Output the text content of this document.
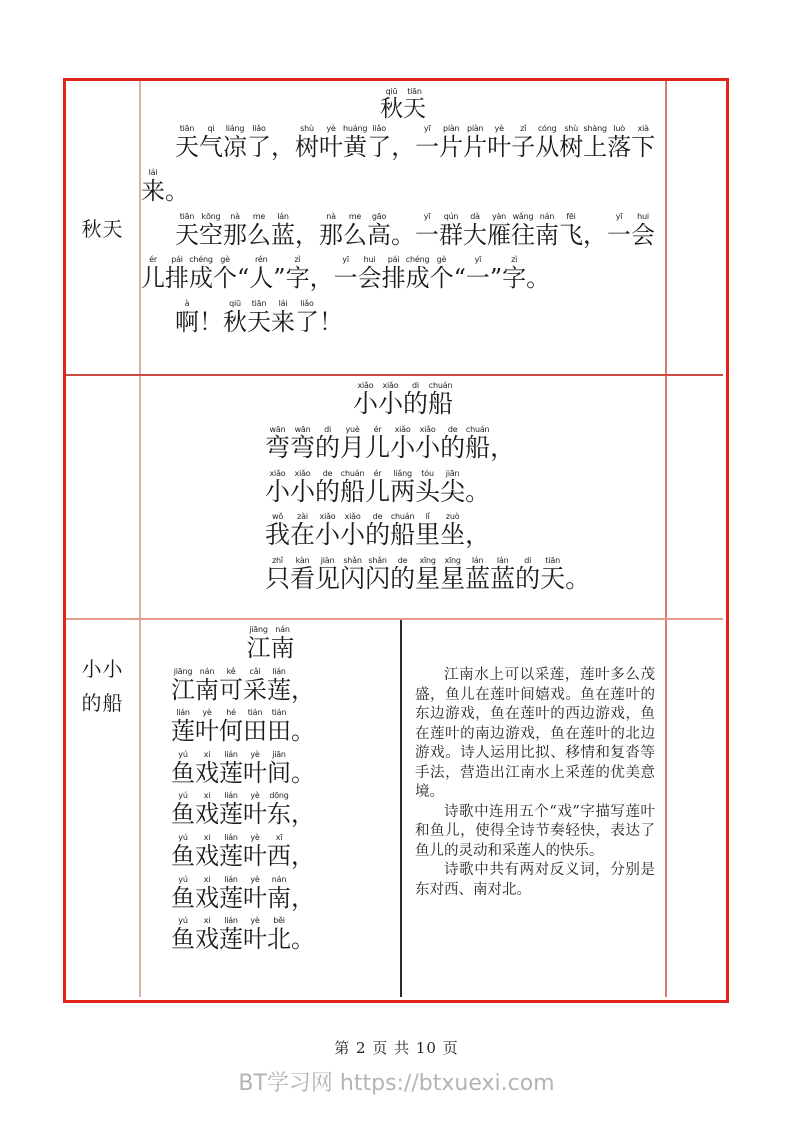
秋天
秋qiū天tiān
天tiān气qi凉liáng了liǎo，树shù叶yè黄huáng了liǎo，一yī片piàn片piàn叶yè子zǐ从cóng树shù上shàng落luò下xià
来lái。
天tiān空kōng那nà么me蓝lán，那nà么me高gāo。一yī群qún大dà雁yàn往wǎng南nán飞fēi，一yī会hui
儿ér排pái成chéng个gè“人rén”字zì，一yī会hui排pái成chéng个gè“一yī”字zì。
啊à！秋qiū天tiān来lái了liǎo！
小小
的船
小xiǎo小xiǎo的di船chuán
弯wān弯wān的di月yuè儿ér小xiǎo小xiǎo的de船chuán，
小xiǎo小xiǎo的de船chuán儿ér两liǎng头tóu尖jiān。
我wǒ在zài小xiǎo小xiǎo的de船chuán里lǐ坐zuò，
只zhǐ看kàn见jiàn闪shǎn闪shǎn的de星xīng星xīng蓝lán蓝lán的di天tiān。
江jiāng南nán
江jiāng南nán可kě采cǎi莲lián，
莲lián叶yè何hé田tián田tián。
鱼yú戏xi莲lián叶yè间jiān。
鱼yú戏xi莲lián叶yè东dōng，
鱼yú戏xi莲lián叶yè西xī，
鱼yú戏xi莲lián叶yè南nán，
鱼yú戏xi莲lián叶yè北běi。

江南水上可以采莲，莲叶多么茂盛，鱼儿在莲叶间嬉戏。鱼在莲叶的东边游戏，鱼在莲叶的西边游戏，鱼在莲叶的南边游戏，鱼在莲叶的北边游戏。诗人运用比拟、移情和复沓等手法，营造出江南水上采莲的优美意境。

诗歌中连用五个“戏”字描写莲叶和鱼儿，使得全诗节奏轻快，表达了鱼儿的灵动和采莲人的快乐。

诗歌中共有两对反义词，分别是东对西、南对北。

第 2 页 共 10 页
BT学习网 https://btxuexi.com
